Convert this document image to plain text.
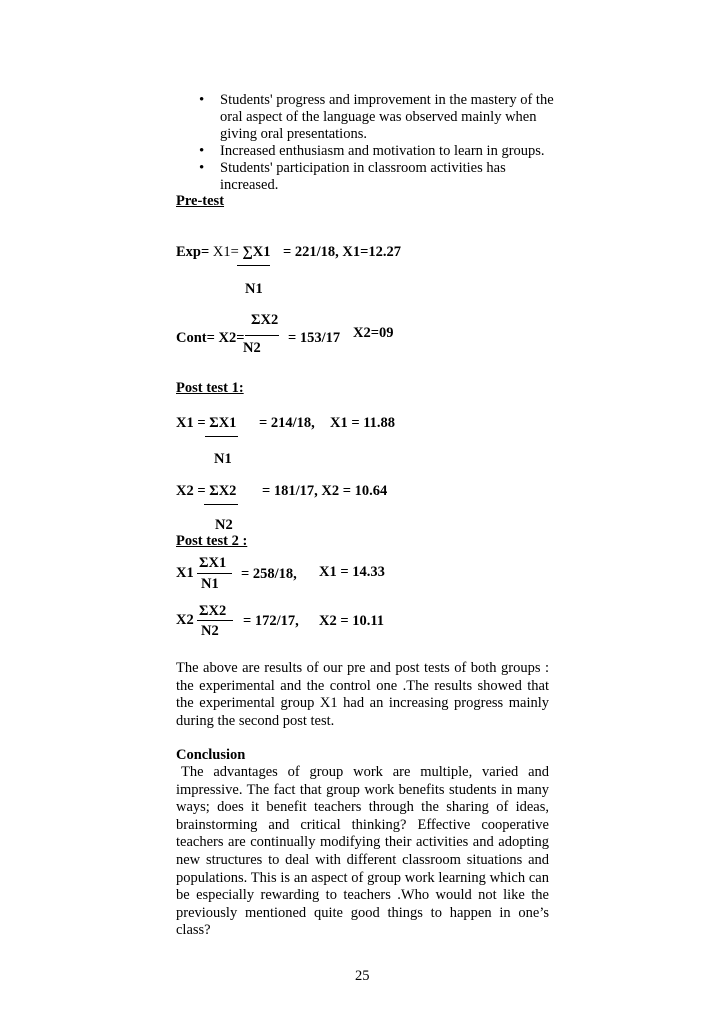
• Students' progress and improvement in the mastery of the oral aspect of the language was observed mainly when giving oral presentations.
• Increased enthusiasm and motivation to learn in groups.
• Students' participation in classroom activities has increased.
Pre-test
Exp= X1= ∑X1 = 221/18, X1=12.27
N1
ΣX2
Cont= X2=	= 153/17 X2=09
N2
Post test 1:
X1 = ΣX1 = 214/18, X1 = 11.88
N1
X2 = ΣX2 = 181/17, X2 = 10.64
N2
Post test 2 :
ΣX1
X1	= 258/18, X1 = 14.33
N1
ΣX2
X2	= 172/17, X2 = 10.11
N2

The above are results of our pre and post tests of both groups : the experimental and the control one .The results showed that the experimental group X1 had an increasing progress mainly during the second post test.

Conclusion

The advantages of group work are multiple, varied and impressive. The fact that group work benefits students in many ways; does it benefit teachers through the sharing of ideas, brainstorming and critical thinking? Effective cooperative teachers are continually modifying their activities and adopting new structures to deal with different classroom situations and populations. This is an aspect of group work learning which can be especially rewarding to teachers .Who would not like the previously mentioned quite good things to happen in one’s class?

25
